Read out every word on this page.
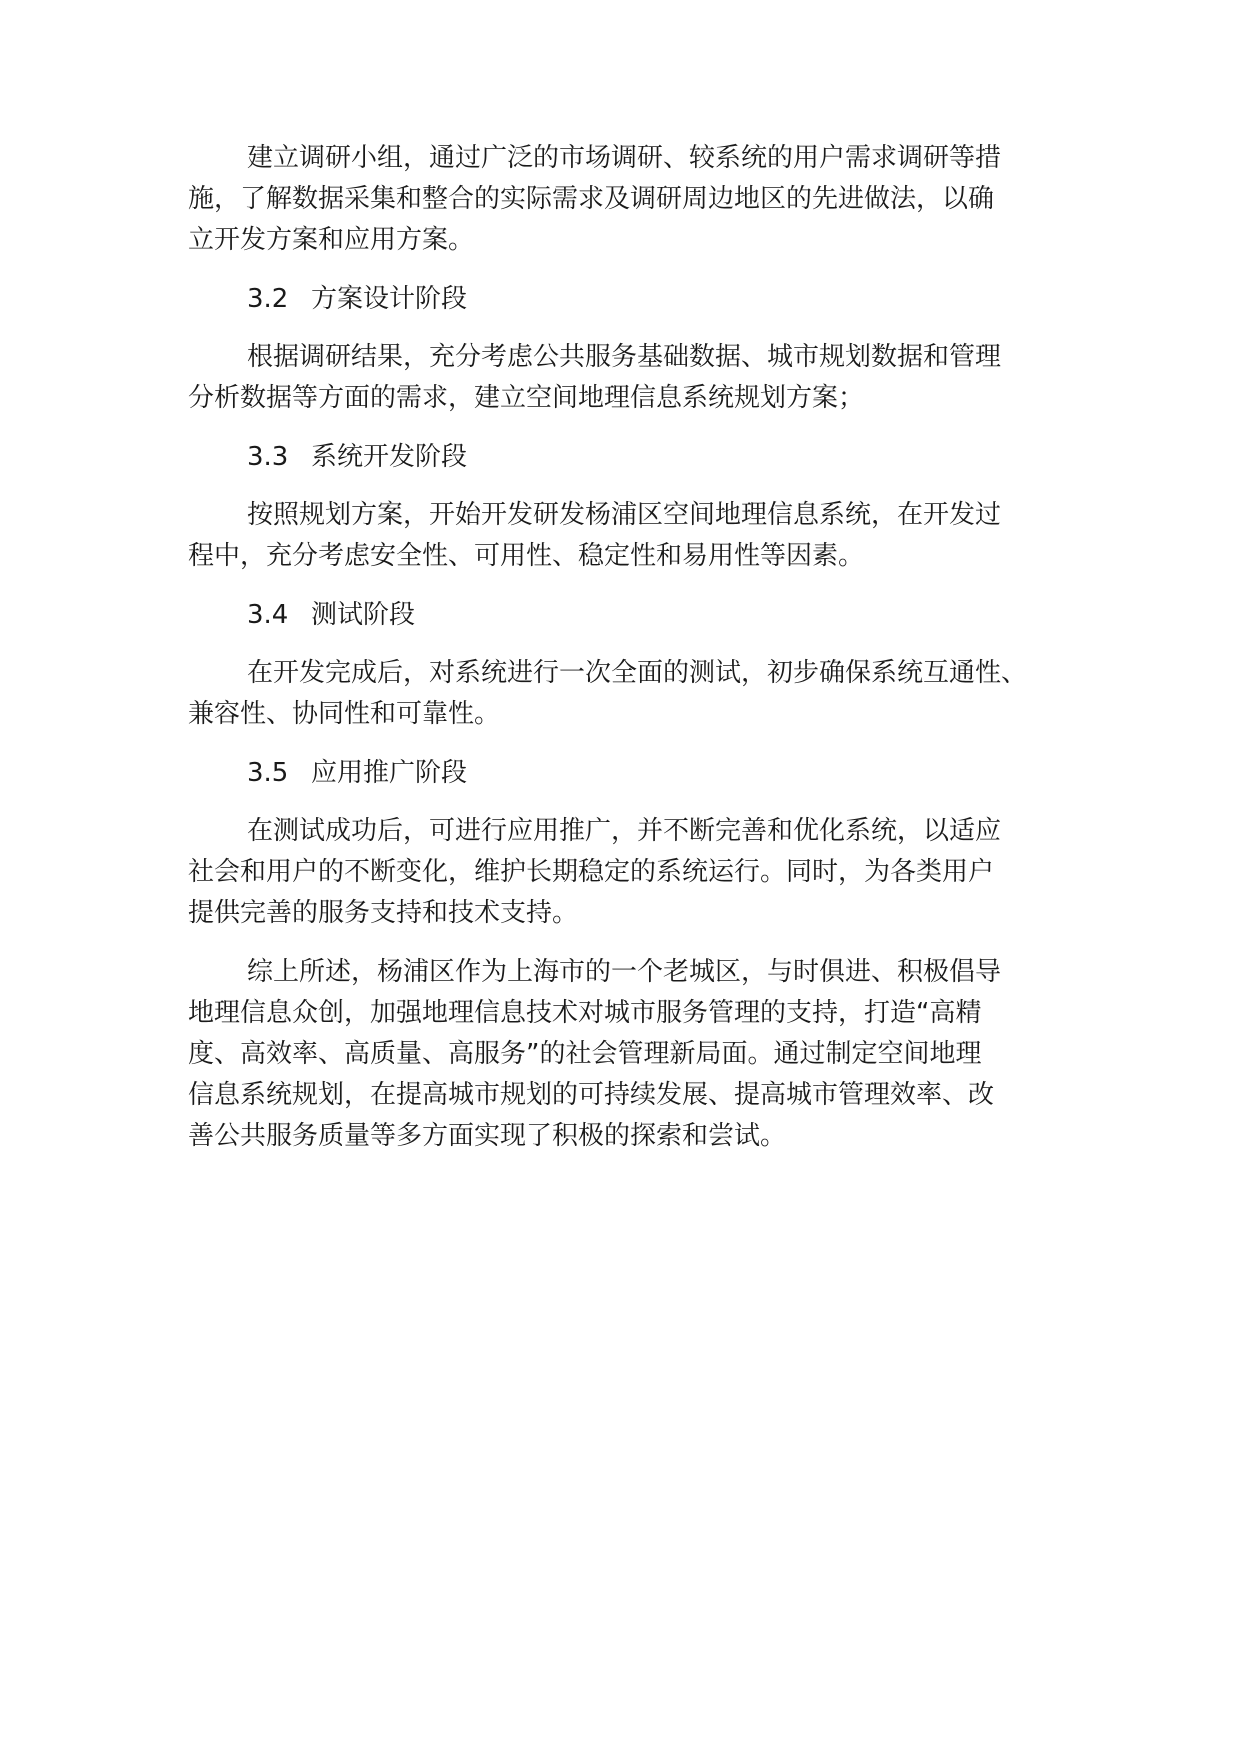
建立调研小组，通过广泛的市场调研、较系统的用户需求调研等措
施，了解数据采集和整合的实际需求及调研周边地区的先进做法，以确
立开发方案和应用方案。
3.2 方案设计阶段
根据调研结果，充分考虑公共服务基础数据、城市规划数据和管理
分析数据等方面的需求，建立空间地理信息系统规划方案；
3.3 系统开发阶段
按照规划方案，开始开发研发杨浦区空间地理信息系统，在开发过
程中，充分考虑安全性、可用性、稳定性和易用性等因素。
3.4 测试阶段
在开发完成后，对系统进行一次全面的测试，初步确保系统互通性、
兼容性、协同性和可靠性。
3.5 应用推广阶段
在测试成功后，可进行应用推广，并不断完善和优化系统，以适应
社会和用户的不断变化，维护长期稳定的系统运行。同时，为各类用户
提供完善的服务支持和技术支持。
综上所述，杨浦区作为上海市的一个老城区，与时俱进、积极倡导
地理信息众创，加强地理信息技术对城市服务管理的支持，打造“高精
度、高效率、高质量、高服务”的社会管理新局面。通过制定空间地理
信息系统规划，在提高城市规划的可持续发展、提高城市管理效率、改
善公共服务质量等多方面实现了积极的探索和尝试。
